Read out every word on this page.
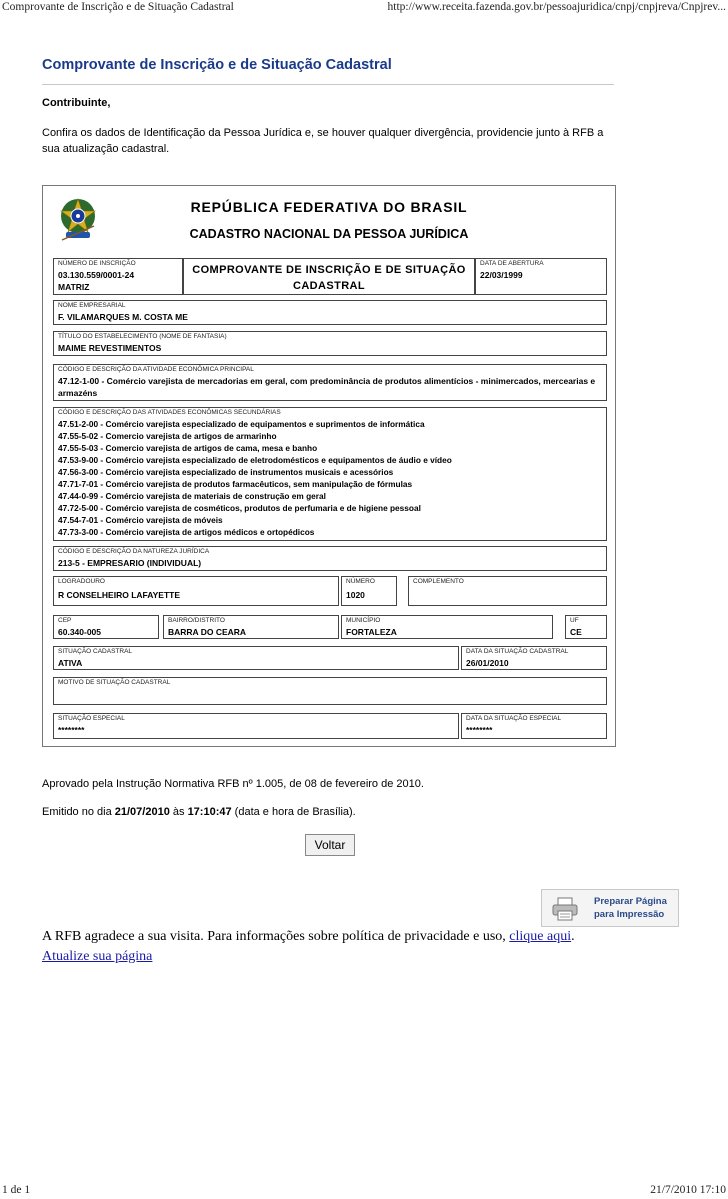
Comprovante de Inscrição e de Situação Cadastral	http://www.receita.fazenda.gov.br/pessoajuridica/cnpj/cnpjreva/Cnpjrev...
1 de 1	21/7/2010 17:10
Comprovante de Inscrição e de Situação Cadastral
Contribuinte,
Confira os dados de Identificação da Pessoa Jurídica e, se houver qualquer divergência, providencie junto à RFB a sua atualização cadastral.
REPÚBLICA FEDERATIVA DO BRASIL
CADASTRO NACIONAL DA PESSOA JURÍDICA
NÚMERO DE INSCRIÇÃO
03.130.559/0001-24
MATRIZ
COMPROVANTE DE INSCRIÇÃO E DE SITUAÇÃO CADASTRAL
DATA DE ABERTURA
22/03/1999
NOME EMPRESARIAL
F. VILAMARQUES M. COSTA ME
TÍTULO DO ESTABELECIMENTO (NOME DE FANTASIA)
MAIME REVESTIMENTOS
CÓDIGO E DESCRIÇÃO DA ATIVIDADE ECONÔMICA PRINCIPAL
47.12-1-00 - Comércio varejista de mercadorias em geral, com predominância de produtos alimentícios - minimercados, mercearias e armazéns
CÓDIGO E DESCRIÇÃO DAS ATIVIDADES ECONÔMICAS SECUNDÁRIAS
47.51-2-00 - Comércio varejista especializado de equipamentos e suprimentos de informática
47.55-5-02 - Comercio varejista de artigos de armarinho
47.55-5-03 - Comercio varejista de artigos de cama, mesa e banho
47.53-9-00 - Comércio varejista especializado de eletrodomésticos e equipamentos de áudio e vídeo
47.56-3-00 - Comércio varejista especializado de instrumentos musicais e acessórios
47.71-7-01 - Comércio varejista de produtos farmacêuticos, sem manipulação de fórmulas
47.44-0-99 - Comércio varejista de materiais de construção em geral
47.72-5-00 - Comércio varejista de cosméticos, produtos de perfumaria e de higiene pessoal
47.54-7-01 - Comércio varejista de móveis
47.73-3-00 - Comércio varejista de artigos médicos e ortopédicos
CÓDIGO E DESCRIÇÃO DA NATUREZA JURÍDICA
213-5 - EMPRESARIO (INDIVIDUAL)
LOGRADOURO
R CONSELHEIRO LAFAYETTE
NÚMERO
1020
COMPLEMENTO
CEP
60.340-005
BAIRRO/DISTRITO
BARRA DO CEARA
MUNICÍPIO
FORTALEZA
UF
CE
SITUAÇÃO CADASTRAL
ATIVA
DATA DA SITUAÇÃO CADASTRAL
26/01/2010
MOTIVO DE SITUAÇÃO CADASTRAL
SITUAÇÃO ESPECIAL
********
DATA DA SITUAÇÃO ESPECIAL
********
Aprovado pela Instrução Normativa RFB nº 1.005, de 08 de fevereiro de 2010.
Emitido no dia 21/07/2010 às 17:10:47 (data e hora de Brasília).
Voltar
Preparar Página
para Impressão
A RFB agradece a sua visita. Para informações sobre política de privacidade e uso, clique aqui.
Atualize sua página
